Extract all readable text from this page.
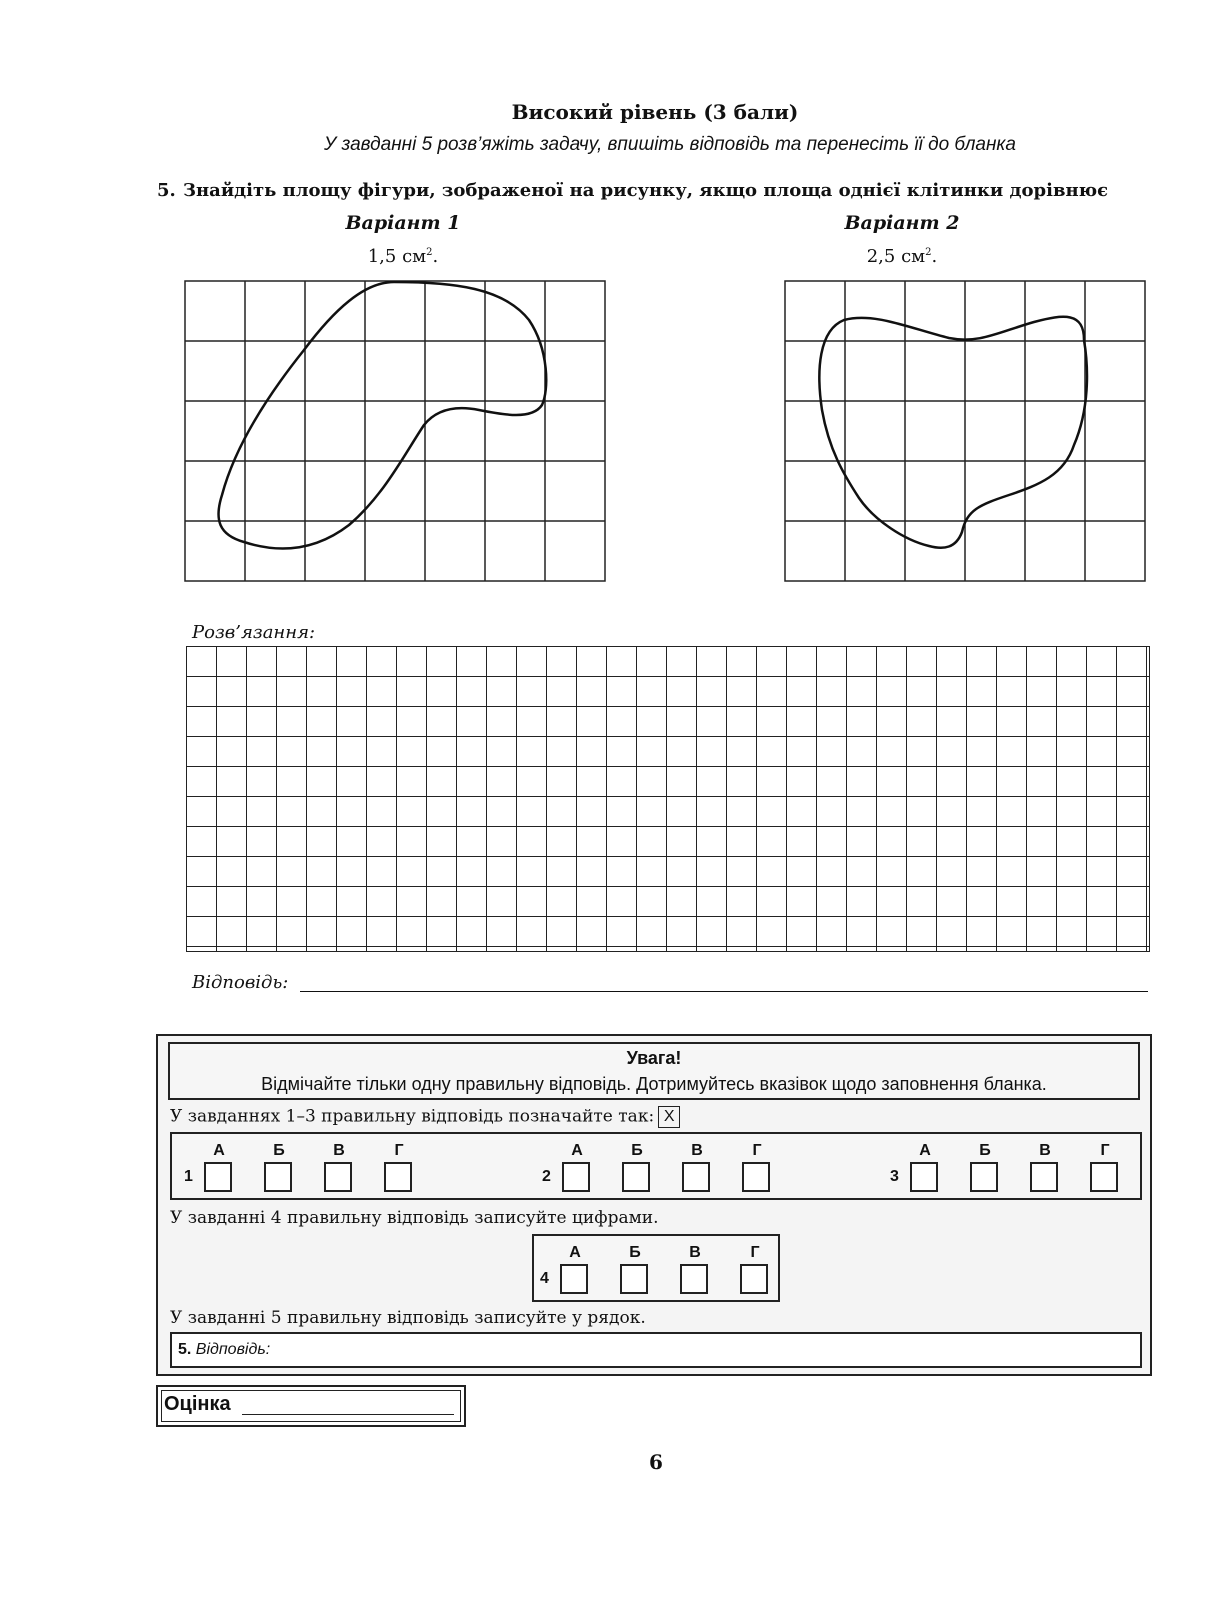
Високий рівень (3 бали)
У завданні 5 розв’яжіть задачу, впишіть відповідь та перенесіть її до бланка
5. Знайдіть площу фігури, зображеної на рисунку, якщо площа однієї клітинки дорівнює
Варіант 1
1,5 $см^2$.
Варіант 2
2,5 $см^2$.
Розв’язання:
Відповідь:
Увага!
Відмічайте тільки одну правильну відповідь. Дотримуйтесь вказівок щодо заповнення бланка.
У завданнях 1–3 правильну відповідь позначайте так: X
А	Б	В	Г
1
А	Б	В	Г
2
А	Б	В	Г
3
У завданні 4 правильну відповідь записуйте цифрами.
А	Б	В	Г
4
У завданні 5 правильну відповідь записуйте у рядок.
5. Відповідь:
Оцінка
6
